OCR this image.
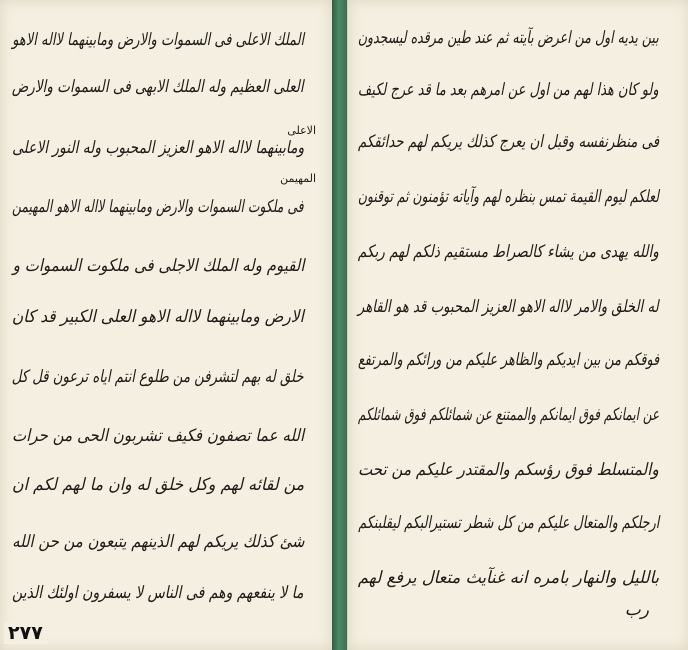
الملك الاعلى فى السموات والارض ومابينهما لااله الاهو
العلى العظيم وله الملك الابهى فى السموات والارض
ومابينهما لااله الاهو العزيز المحبوب وله النور الاعلى
الاعلى
فى ملكوت السموات والارض ومابينهما لااله الاهو المهيمن
المهيمن
القيوم وله الملك الاجلى فى ملكوت السموات و
الارض ومابينهما لااله الاهو العلى الكبير قد كان
خلق له بهم لتشرفن من طلوع انتم اياه ترعون قل كل
الله عما تصفون فكيف تشربون الحى من حرات
من لقائه لهم وكل خلق له وان ما لهم لكم ان
شئ كذلك يريكم لهم الذينهم يتبعون من حن الله
ما لا ينفعهم وهم فى الناس لا يسفرون اولئك الذين
٢٧٧
بين يديه اول من اعرض بآيته ثم عند طين مرقده ليسجدون
ولو كان هذا لهم من اول عن امرهم بعد ما قد عرج لكيف
فى منظرنفسه وقبل ان يعرج كذلك يريكم لهم حدائقكم
لعلكم ليوم القيمة تمس بنظره لهم وآياته تؤمنون ثم توقنون
والله يهدى من يشاء كالصراط مستقيم ذلكم لهم ربكم
له الخلق والامر لااله الاهو العزيز المحبوب قد هو القاهر
فوقكم من بين ايديكم والظاهر عليكم من ورائكم والمرتفع
عن ايمانكم فوق ايمانكم والممتنع عن شمائلكم فوق شمائلكم
والمتسلط فوق رؤسكم والمقتدر عليكم من تحت
ارجلكم والمتعال عليكم من كل شطر تستيرالبكم ليقلبنكم
بالليل والنهار بامره انه غنآيث متعال يرفع لهم
رب
